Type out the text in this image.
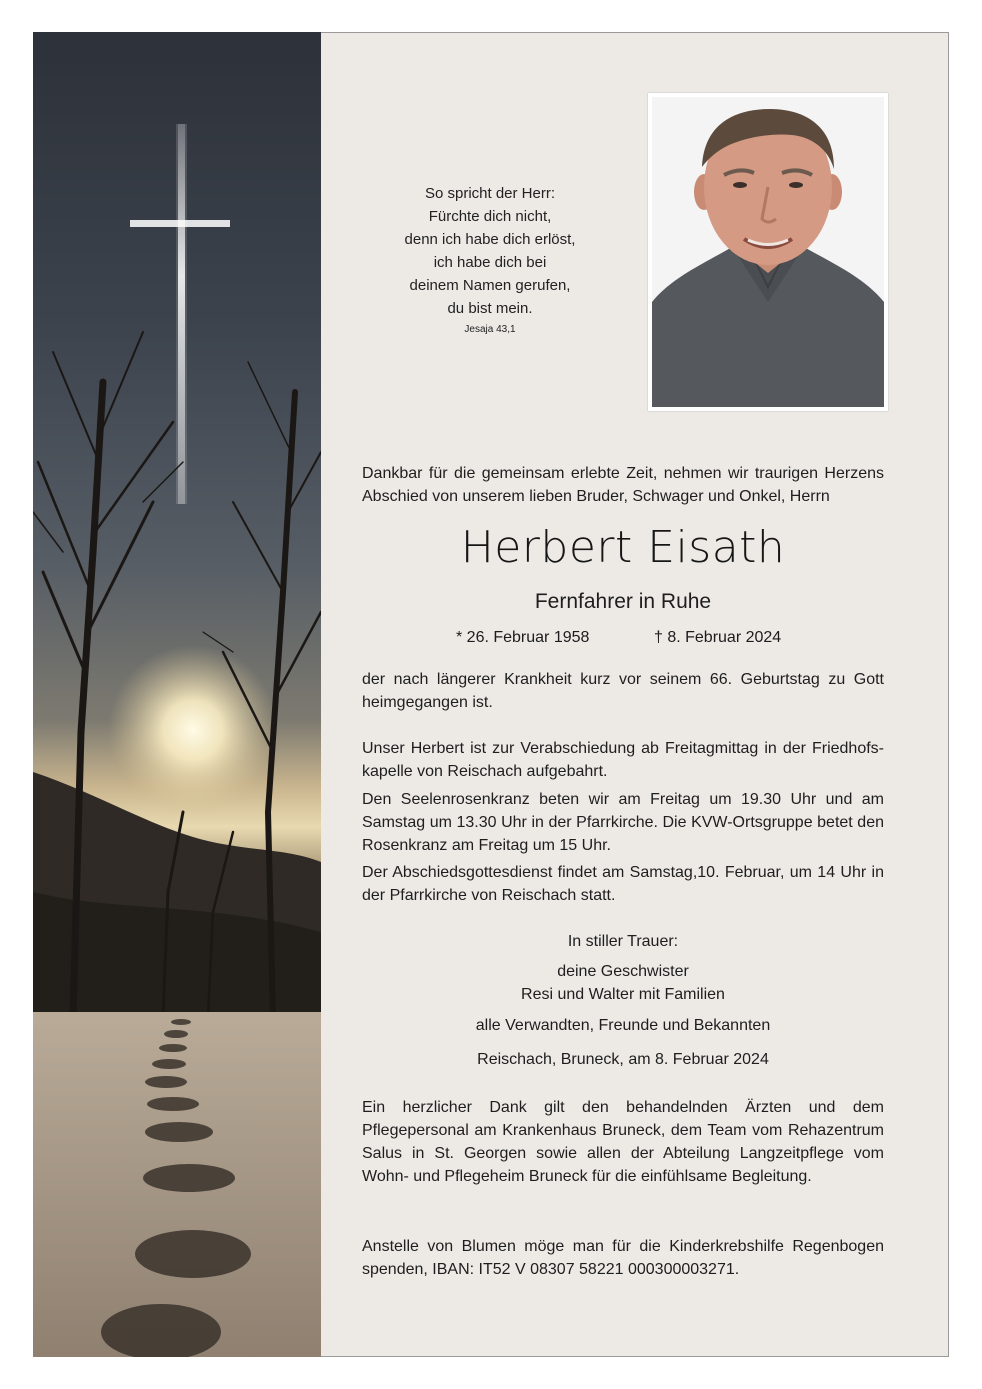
So spricht der Herr:
Fürchte dich nicht,
denn ich habe dich erlöst,
ich habe dich bei
deinem Namen gerufen,
du bist mein.
Jesaja 43,1
Dankbar für die gemeinsam erlebte Zeit, nehmen wir traurigen Herzens Abschied von unserem lieben Bruder, Schwager und Onkel, Herrn
Herbert Eisath
Fernfahrer in Ruhe
* 26. Februar 1958	† 8. Februar 2024
der nach längerer Krankheit kurz vor seinem 66. Geburtstag zu Gott heimgegangen ist.
Unser Herbert ist zur Verabschiedung ab Freitagmittag in der Friedhofs-kapelle von Reischach aufgebahrt.
Den Seelenrosenkranz beten wir am Freitag um 19.30 Uhr und am Samstag um 13.30 Uhr in der Pfarrkirche. Die KVW-Ortsgruppe betet den Rosenkranz am Freitag um 15 Uhr.
Der Abschiedsgottesdienst findet am Samstag,10. Februar, um 14 Uhr in der Pfarrkirche von Reischach statt.
In stiller Trauer:
deine Geschwister
Resi und Walter mit Familien
alle Verwandten, Freunde und Bekannten
Reischach, Bruneck, am 8. Februar 2024
Ein herzlicher Dank gilt den behandelnden Ärzten und dem Pflegepersonal am Krankenhaus Bruneck, dem Team vom Rehazentrum Salus in St. Georgen sowie allen der Abteilung Langzeitpflege vom Wohn- und Pflegeheim Bruneck für die einfühlsame Begleitung.
Anstelle von Blumen möge man für die Kinderkrebshilfe Regenbogen spenden, IBAN: IT52 V 08307 58221 000300003271.
